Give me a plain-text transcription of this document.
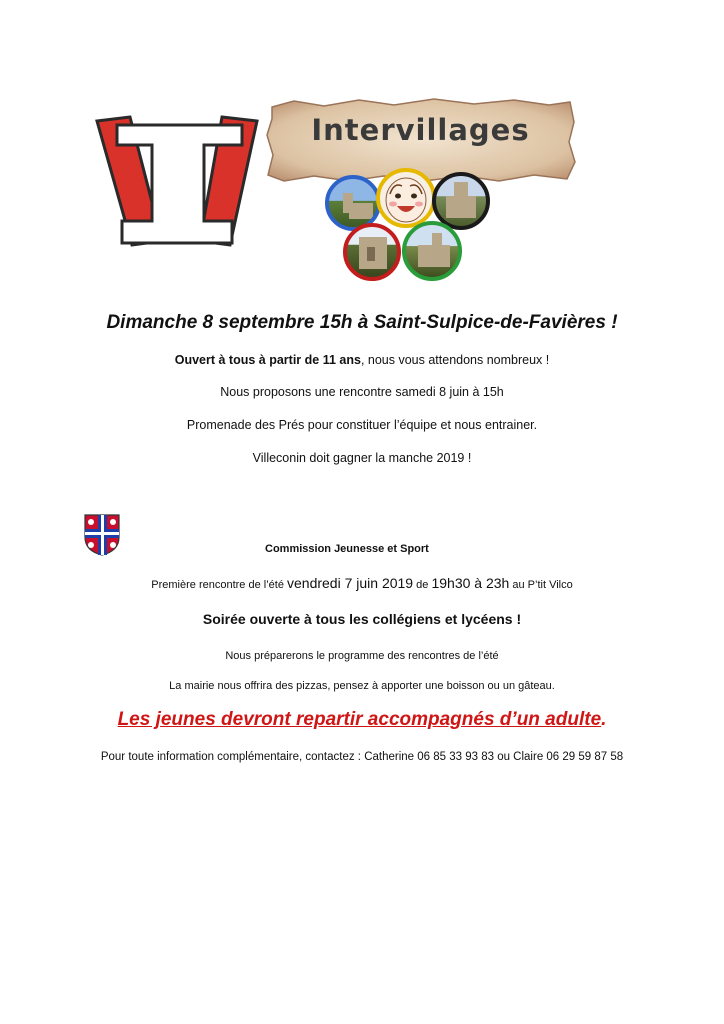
Intervillages
Dimanche 8 septembre 15h à Saint-Sulpice-de-Favières !
Ouvert à tous à partir de 11 ans, nous vous attendons nombreux !
Nous proposons une rencontre samedi 8 juin à 15h
Promenade des Prés pour constituer l’équipe et nous entrainer.
Villeconin doit gagner la manche 2019 !
Commission Jeunesse et Sport
Première rencontre de l’été vendredi 7 juin 2019 de 19h30 à 23h au P’tit Vilco
Soirée ouverte à tous les collégiens et lycéens !
Nous préparerons le programme des rencontres de l’été
La mairie nous offrira des pizzas, pensez à apporter une boisson ou un gâteau.
Les jeunes devront repartir accompagnés d’un adulte.
Pour toute information complémentaire, contactez : Catherine 06 85 33 93 83 ou Claire 06 29 59 87 58
